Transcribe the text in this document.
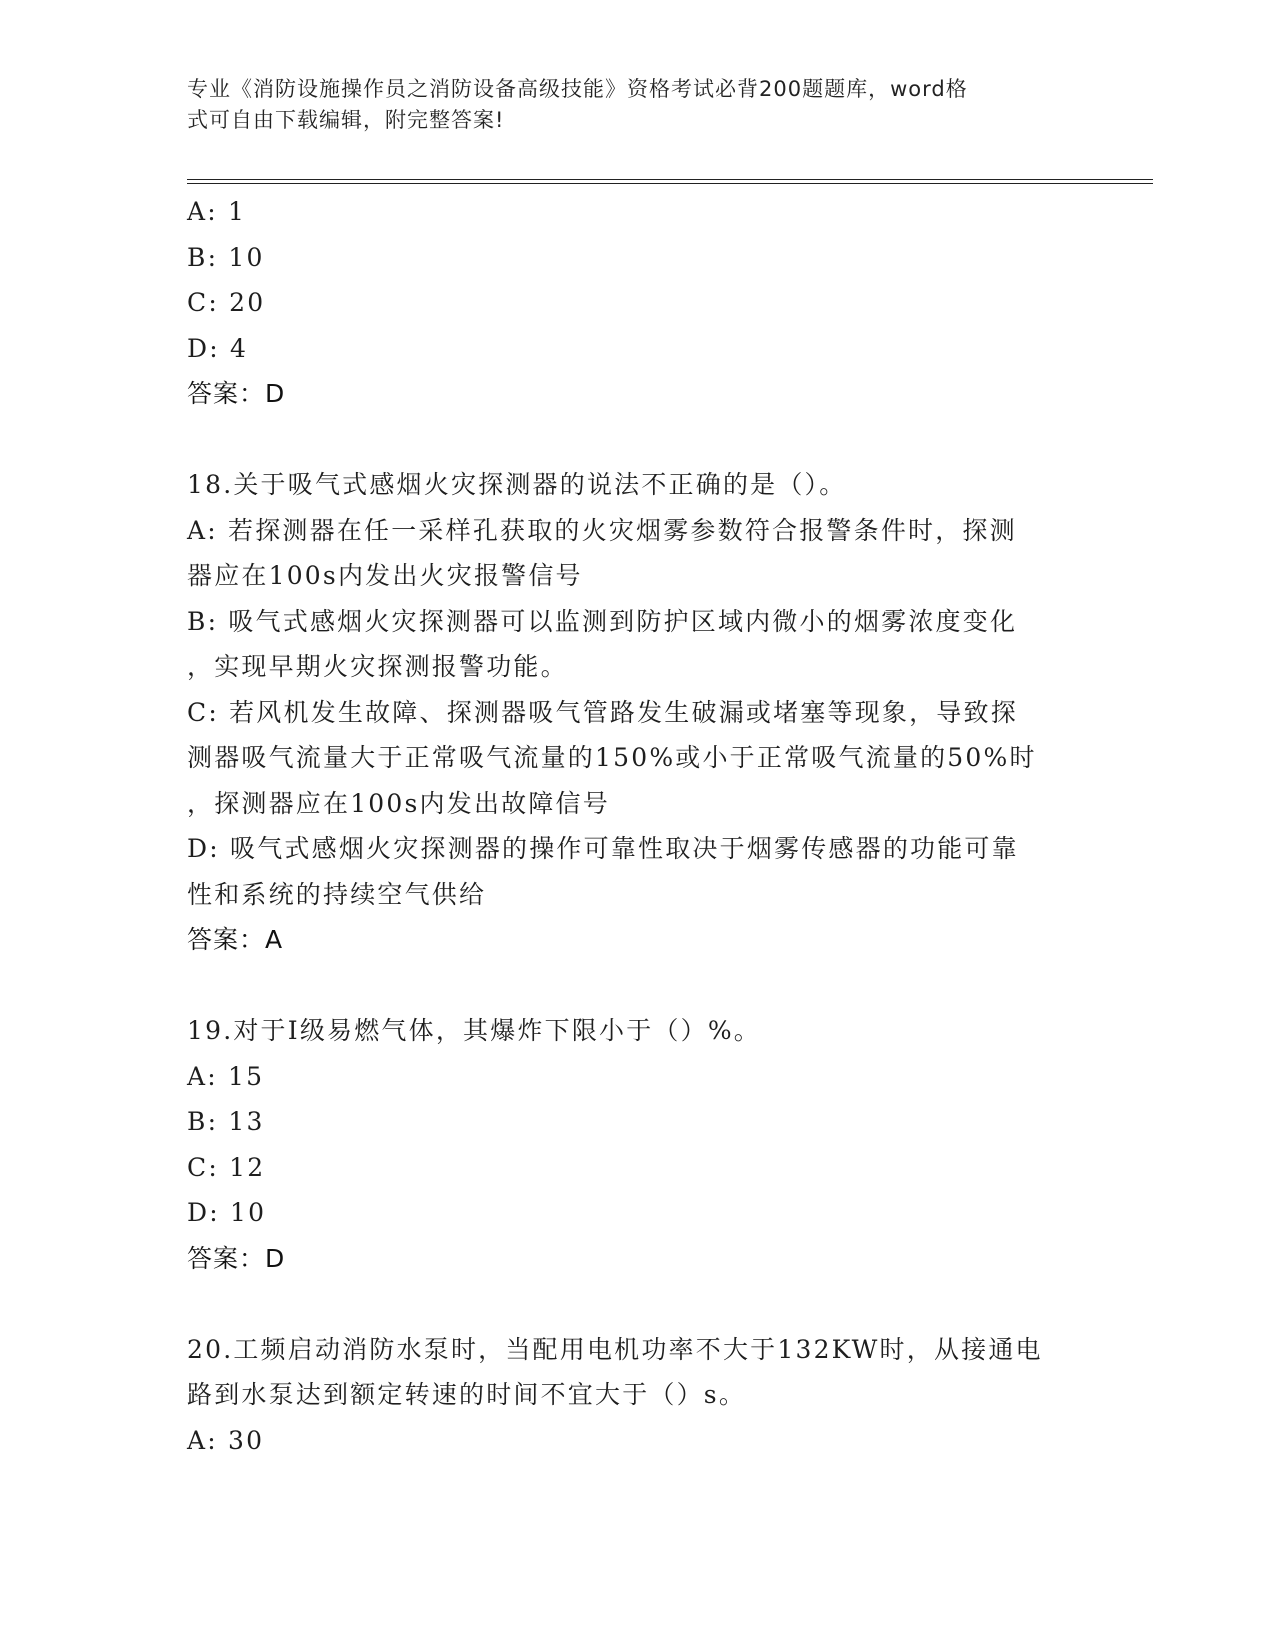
专业《消防设施操作员之消防设备高级技能》资格考试必背200题题库，word格
式可自由下载编辑，附完整答案!
A: 1
B: 10
C: 20
D: 4
答案：D
18.关于吸气式感烟火灾探测器的说法不正确的是（）。
A: 若探测器在任一采样孔获取的火灾烟雾参数符合报警条件时，探测
器应在100s内发出火灾报警信号
B: 吸气式感烟火灾探测器可以监测到防护区域内微小的烟雾浓度变化
，实现早期火灾探测报警功能。
C: 若风机发生故障、探测器吸气管路发生破漏或堵塞等现象，导致探
测器吸气流量大于正常吸气流量的150%或小于正常吸气流量的50%时
，探测器应在100s内发出故障信号
D: 吸气式感烟火灾探测器的操作可靠性取决于烟雾传感器的功能可靠
性和系统的持续空气供给
答案：A
19.对于Ⅰ级易燃气体，其爆炸下限小于（）%。
A: 15
B: 13
C: 12
D: 10
答案：D
20.工频启动消防水泵时，当配用电机功率不大于132KW时，从接通电
路到水泵达到额定转速的时间不宜大于（）s。
A: 30
